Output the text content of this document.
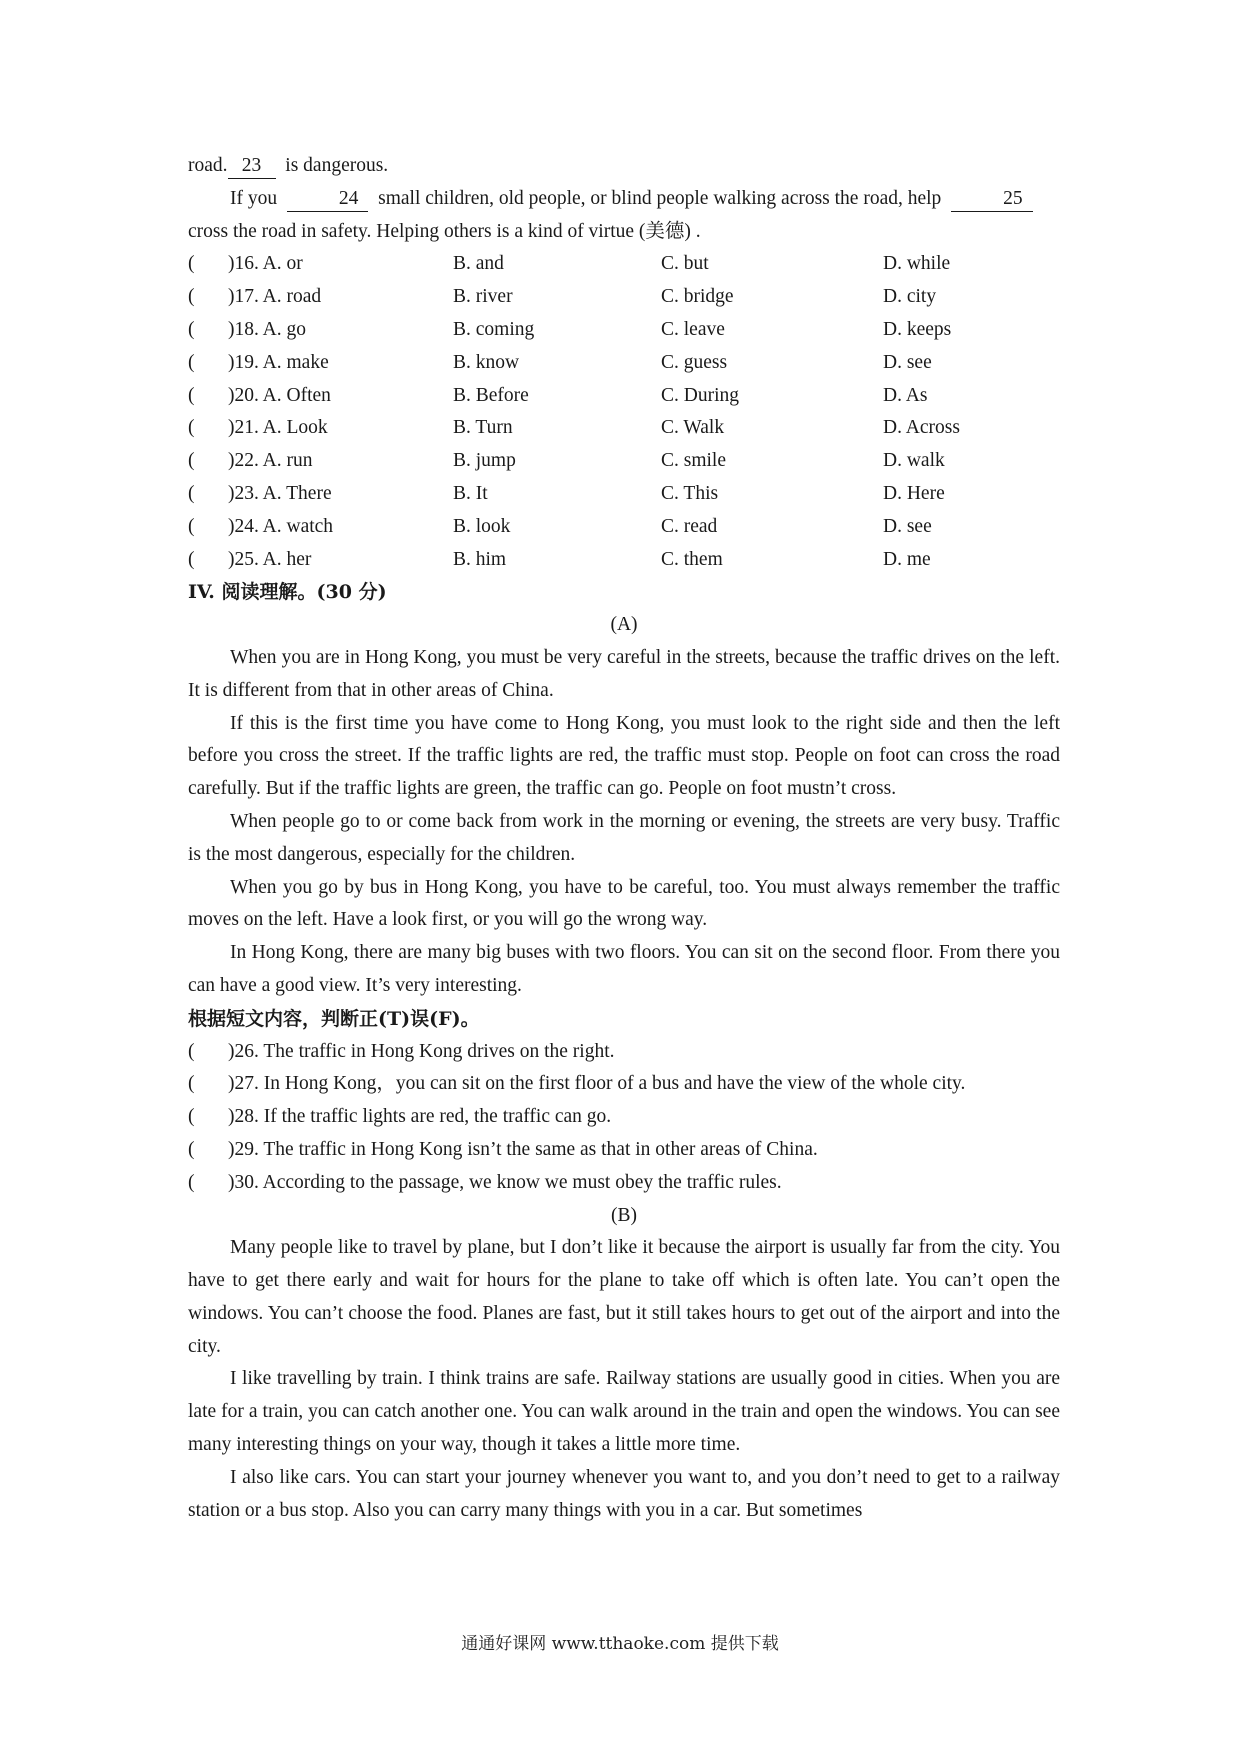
road. 23 is dangerous.
If you	24 small children, old people, or blind people walking across the road, help	25
cross the road in safety. Helping others is a kind of virtue (美德) .
(	)16. A. or	B. and	C. but	D. while
(	)17. A. road	B. river	C. bridge	D. city
(	)18. A. go	B. coming	C. leave	D. keeps
(	)19. A. make	B. know	C. guess	D. see
(	)20. A. Often	B. Before	C. During	D. As
(	)21. A. Look	B. Turn	C. Walk	D. Across
(	)22. A. run	B. jump	C. smile	D. walk
(	)23. A. There	B. It	C. This	D. Here
(	)24. A. watch	B. look	C. read	D. see
(	)25. A. her	B. him	C. them	D. me
IV. 阅读理解。(30 分)
(A)
When you are in Hong Kong, you must be very careful in the streets, because the traffic drives on the left. It is different from that in other areas of China.
If this is the first time you have come to Hong Kong, you must look to the right side and then the left before you cross the street. If the traffic lights are red, the traffic must stop. People on foot can cross the road carefully. But if the traffic lights are green, the traffic can go. People on foot mustn’t cross.
When people go to or come back from work in the morning or evening, the streets are very busy. Traffic is the most dangerous, especially for the children.
When you go by bus in Hong Kong, you have to be careful, too. You must always remember the traffic moves on the left. Have a look first, or you will go the wrong way.
In Hong Kong, there are many big buses with two floors. You can sit on the second floor. From there you can have a good view. It’s very interesting.
根据短文内容，判断正(T)误(F)。
(	)26. The traffic in Hong Kong drives on the right.
(	)27. In Hong Kong，you can sit on the first floor of a bus and have the view of the whole city.
(	)28. If the traffic lights are red, the traffic can go.
(	)29. The traffic in Hong Kong isn’t the same as that in other areas of China.
(	)30. According to the passage, we know we must obey the traffic rules.
(B)
Many people like to travel by plane, but I don’t like it because the airport is usually far from the city. You have to get there early and wait for hours for the plane to take off which is often late. You can’t open the windows. You can’t choose the food. Planes are fast, but it still takes hours to get out of the airport and into the city.
I like travelling by train. I think trains are safe. Railway stations are usually good in cities. When you are late for a train, you can catch another one. You can walk around in the train and open the windows. You can see many interesting things on your way, though it takes a little more time.
I also like cars. You can start your journey whenever you want to, and you don’t need to get to a railway station or a bus stop. Also you can carry many things with you in a car. But sometimes
通通好课网 www.tthaoke.com 提供下载
